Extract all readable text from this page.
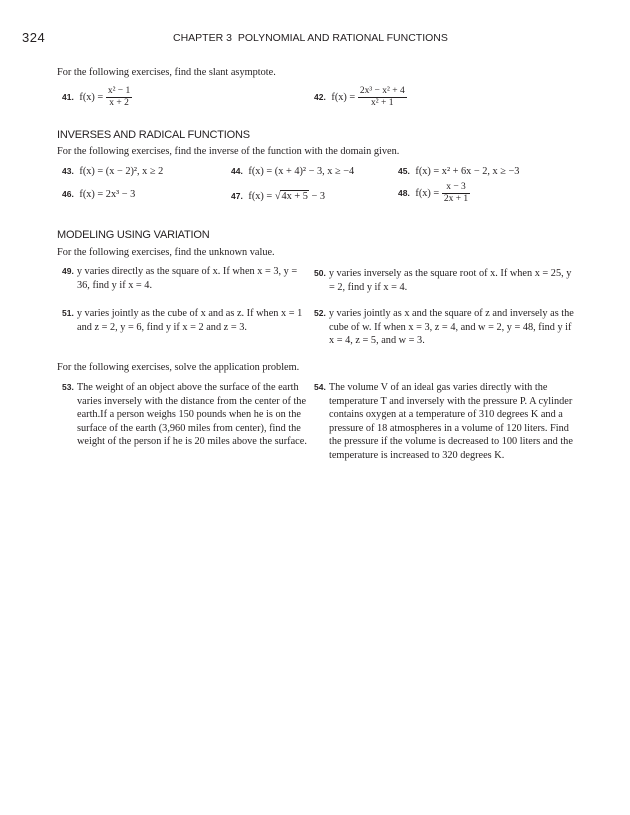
324	CHAPTER 3 POLYNOMIAL AND RATIONAL FUNCTIONS
For the following exercises, find the slant asymptote.
41. $f(x) = \frac{\text{x² − 1}}{x + 2}$	42. $f(x) = \frac{\text{2x³ − x² + 4}}{\text{x² + 1}}$
INVERSES AND RADICAL FUNCTIONS
For the following exercises, find the inverse of the function with the domain given.
43. f(x) = (x − 2)², x ≥ 2	44. f(x) = (x + 4)² − 3, x ≥ −4	45. f(x) = x² + 6x − 2, x ≥ −3
46. f(x) = 2x³ − 3	47. f(x) = √4x + 5 − 3	48. $f(x) = \frac{x - 3}{2x + 1}$
MODELING USING VARIATION
For the following exercises, find the unknown value.
49. y varies directly as the square of x. If when x = 3, y = 36, find y if x = 4.
50. y varies inversely as the square root of x. If when x = 25, y = 2, find y if x = 4.
51. y varies jointly as the cube of x and as z. If when x = 1 and z = 2, y = 6, find y if x = 2 and z = 3.
52. y varies jointly as x and the square of z and inversely as the cube of w. If when x = 3, z = 4, and w = 2, y = 48, find y if x = 4, z = 5, and w = 3.
For the following exercises, solve the application problem.
53. The weight of an object above the surface of the earth varies inversely with the distance from the center of the earth.If a person weighs 150 pounds when he is on the surface of the earth (3,960 miles from center), find the weight of the person if he is 20 miles above the surface.
54. The volume V of an ideal gas varies directly with the temperature T and inversely with the pressure P. A cylinder contains oxygen at a temperature of 310 degrees K and a pressure of 18 atmospheres in a volume of 120 liters. Find the pressure if the volume is decreased to 100 liters and the temperature is increased to 320 degrees K.
